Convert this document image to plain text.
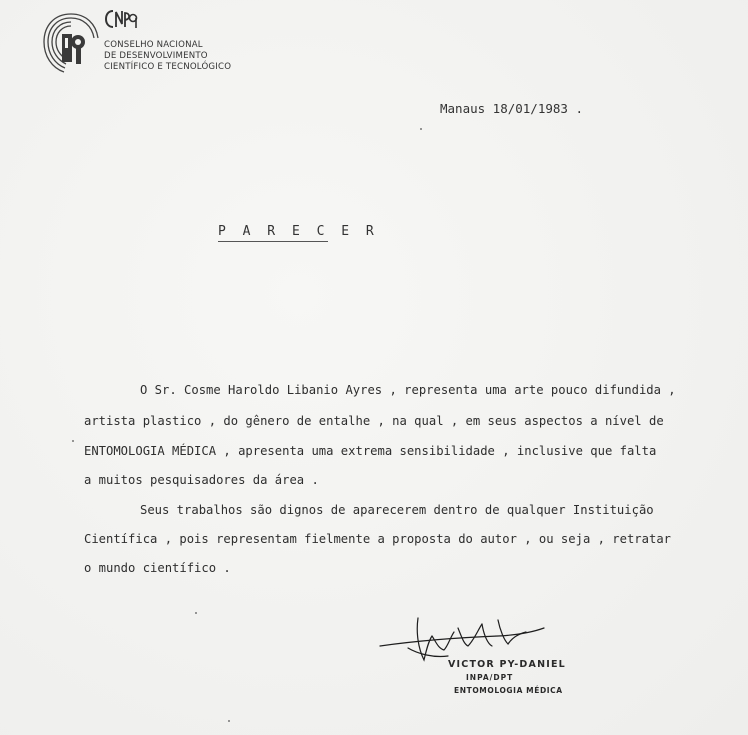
CONSELHO NACIONAL
DE DESENVOLVIMENTO
CIENTÍFICO E TECNOLÓGICO
Manaus 18/01/1983 .
P A R E C E R
O Sr. Cosme Haroldo Libanio Ayres , representa uma arte pouco difundida ,
artista plastico , do gênero de entalhe , na qual , em seus aspectos a nível de
ENTOMOLOGIA MÉDICA , apresenta uma extrema sensibilidade , inclusive que falta
a muitos pesquisadores da área .
Seus trabalhos são dignos de aparecerem dentro de qualquer Instituição
Científica , pois representam fielmente a proposta do autor , ou seja , retratar
o mundo científico .
VICTOR PY-DANIEL
INPA/DPT
ENTOMOLOGIA MÉDICA
